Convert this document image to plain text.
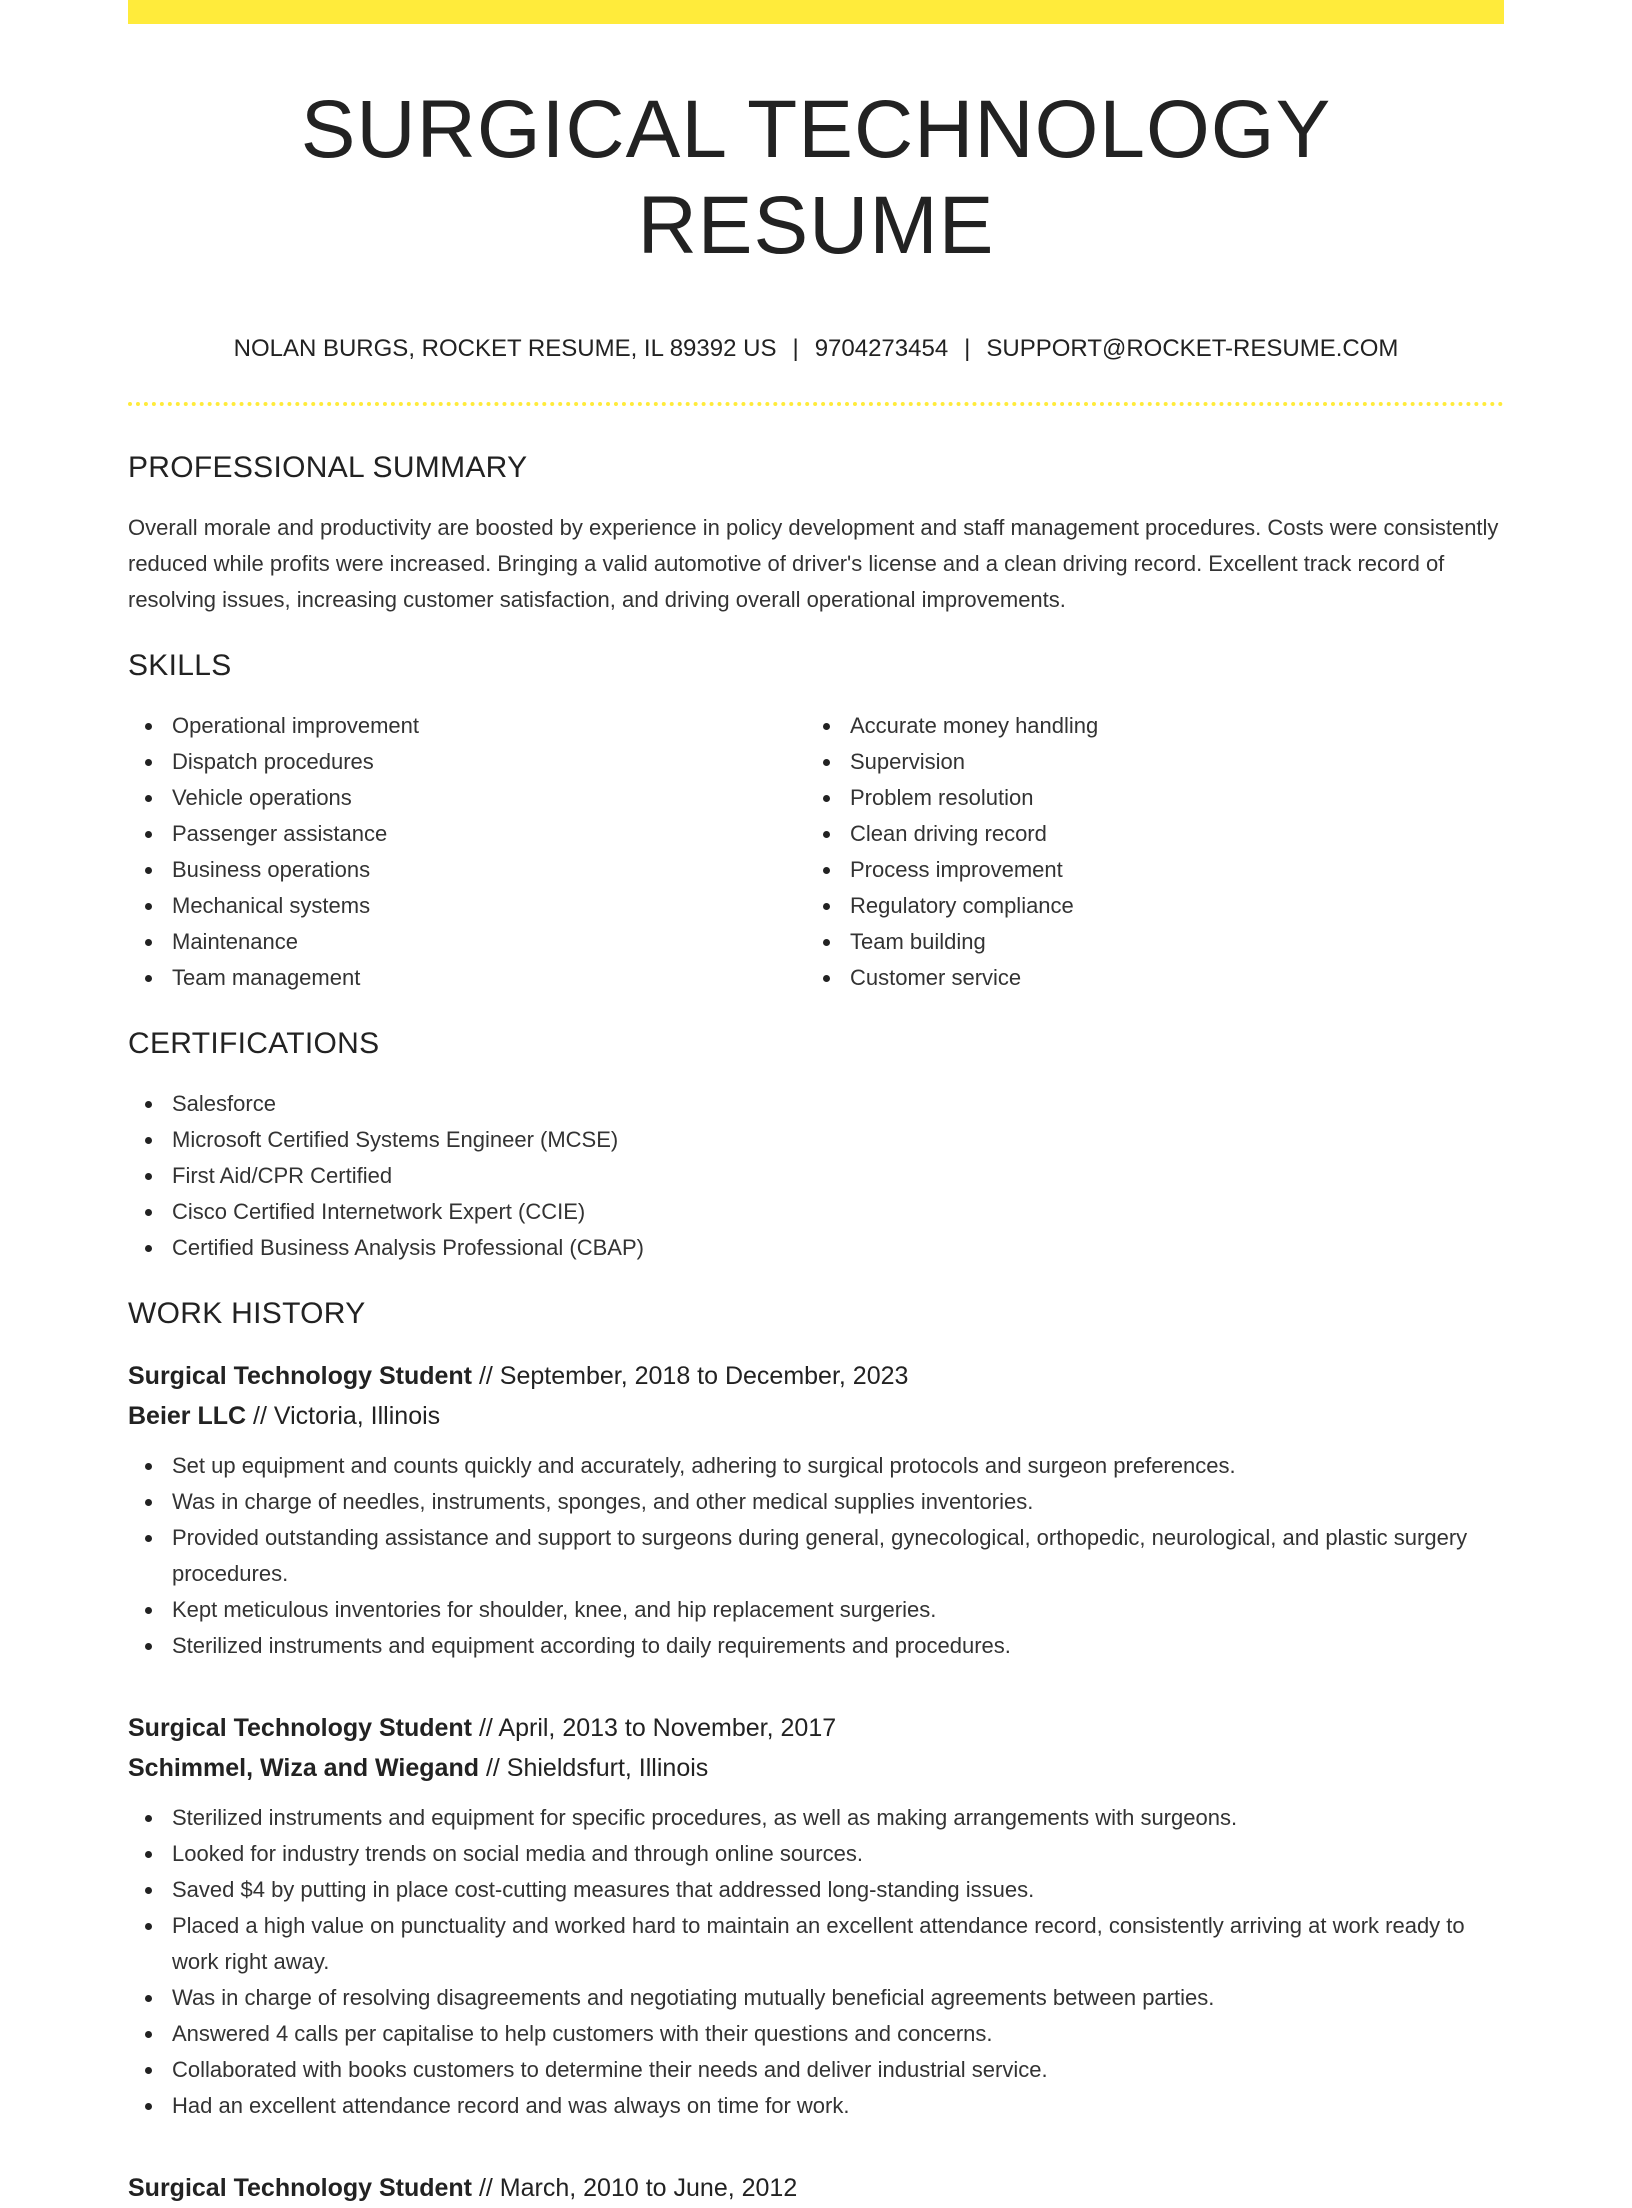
SURGICAL TECHNOLOGY RESUME
NOLAN BURGS, ROCKET RESUME, IL 89392 US | 9704273454 | SUPPORT@ROCKET-RESUME.COM
PROFESSIONAL SUMMARY

Overall morale and productivity are boosted by experience in policy development and staff management procedures. Costs were consistently reduced while profits were increased. Bringing a valid automotive of driver's license and a clean driving record. Excellent track record of resolving issues, increasing customer satisfaction, and driving overall operational improvements.

SKILLS
Operational improvement
Dispatch procedures
Vehicle operations
Passenger assistance
Business operations
Mechanical systems
Maintenance
Team management
Accurate money handling
Supervision
Problem resolution
Clean driving record
Process improvement
Regulatory compliance
Team building
Customer service
CERTIFICATIONS
Salesforce
Microsoft Certified Systems Engineer (MCSE)
First Aid/CPR Certified
Cisco Certified Internetwork Expert (CCIE)
Certified Business Analysis Professional (CBAP)
WORK HISTORY
Surgical Technology Student // September, 2018 to December, 2023
Beier LLC // Victoria, Illinois
Set up equipment and counts quickly and accurately, adhering to surgical protocols and surgeon preferences.
Was in charge of needles, instruments, sponges, and other medical supplies inventories.
Provided outstanding assistance and support to surgeons during general, gynecological, orthopedic, neurological, and plastic surgery procedures.
Kept meticulous inventories for shoulder, knee, and hip replacement surgeries.
Sterilized instruments and equipment according to daily requirements and procedures.
Surgical Technology Student // April, 2013 to November, 2017
Schimmel, Wiza and Wiegand // Shieldsfurt, Illinois
Sterilized instruments and equipment for specific procedures, as well as making arrangements with surgeons.
Looked for industry trends on social media and through online sources.
Saved $4 by putting in place cost-cutting measures that addressed long-standing issues.
Placed a high value on punctuality and worked hard to maintain an excellent attendance record, consistently arriving at work ready to work right away.
Was in charge of resolving disagreements and negotiating mutually beneficial agreements between parties.
Answered 4 calls per capitalise to help customers with their questions and concerns.
Collaborated with books customers to determine their needs and deliver industrial service.
Had an excellent attendance record and was always on time for work.
Surgical Technology Student // March, 2010 to June, 2012
